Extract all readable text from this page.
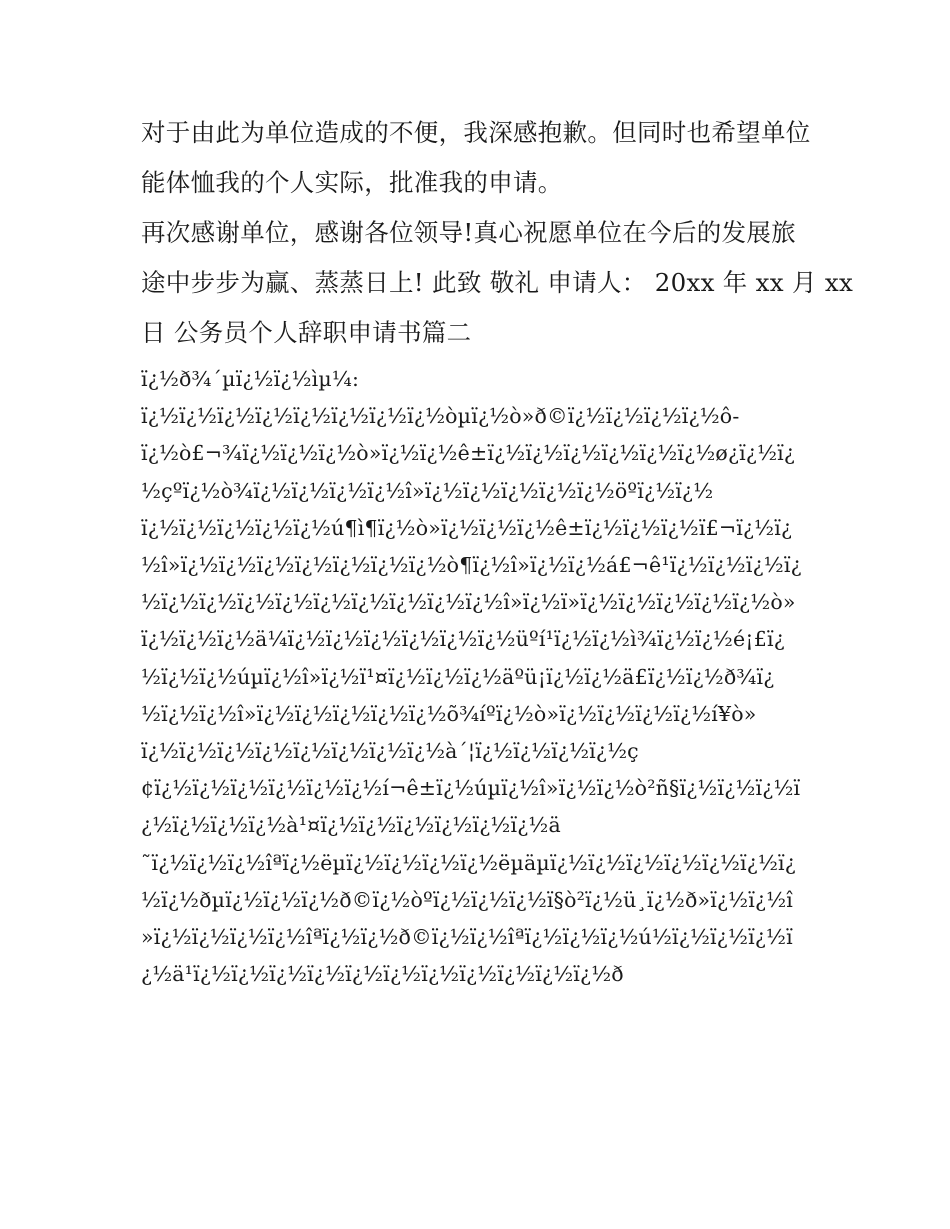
对于由此为单位造成的不便，我深感抱歉。但同时也希望单位

能体恤我的个人实际，批准我的申请。

再次感谢单位，感谢各位领导!真心祝愿单位在今后的发展旅

途中步步为赢、蒸蒸日上! 此致 敬礼 申请人： 20xx 年 xx 月 xx

日 公务员个人辞职申请书篇二

ï¿½ð¾´µï¿½ï¿½ìµ¼:

ï¿½ï¿½ï¿½ï¿½ï¿½ï¿½ï¿½ï¿½òµï¿½ò»ð©ï¿½ï¿½ï¿½ï¿½ô-

ï¿½ò£¬¾ï¿½ï¿½ï¿½ò»ï¿½ï¿½ê±ï¿½ï¿½ï¿½ï¿½ï¿½ï¿½ø¿ï¿½ï¿

½çºï¿½ò¾ï¿½ï¿½ï¿½ï¿½î»ï¿½ï¿½ï¿½ï¿½ï¿½öºï¿½ï¿½

ï¿½ï¿½ï¿½ï¿½ï¿½ú¶ì¶ï¿½ò»ï¿½ï¿½ï¿½ê±ï¿½ï¿½ï¿½ï£¬ï¿½ï¿

½î»ï¿½ï¿½ï¿½ï¿½ï¿½ï¿½ï¿½ò¶ï¿½î»ï¿½ï¿½á£¬ê¹ï¿½ï¿½ï¿½ï¿

½ï¿½ï¿½ï¿½ï¿½ï¿½ï¿½ï¿½ï¿½ï¿½î»ï¿½ï»ï¿½ï¿½ï¿½ï¿½ï¿½ò»

ï¿½ï¿½ï¿½ä¼ï¿½ï¿½ï¿½ï¿½ï¿½ï¿½üºí¹ï¿½ï¿½ì¾ï¿½ï¿½é¡£ï¿

½ï¿½ï¿½úµï¿½î»ï¿½ï¹¤ï¿½ï¿½ï¿½äºü¡ï¿½ï¿½ä£ï¿½ï¿½ð¾ï¿

½ï¿½ï¿½î»ï¿½ï¿½ï¿½ï¿½ï¿½õ¾íºï¿½ò»ï¿½ï¿½ï¿½ï¿½í¥ò»

ï¿½ï¿½ï¿½ï¿½ï¿½ï¿½ï¿½ï¿½à´¦ï¿½ï¿½ï¿½ï¿½ç

¢ï¿½ï¿½ï¿½ï¿½ï¿½ï¿½í¬ê±ï¿½úµï¿½î»ï¿½ï¿½ò²ñ§ï¿½ï¿½ï¿½ï

¿½ï¿½ï¿½ï¿½à¹¤ï¿½ï¿½ï¿½ï¿½ï¿½ï¿½ä

˜ï¿½ï¿½ï¿½îªï¿½ëµï¿½ï¿½ï¿½ï¿½ëµäµï¿½ï¿½ï¿½ï¿½ï¿½ï¿½ï¿

½ï¿½ðµï¿½ï¿½ï¿½ð©ï¿½òºï¿½ï¿½ï¿½ï§ò²ï¿½ü¸ï¿½ð»ï¿½ï¿½î

»ï¿½ï¿½ï¿½ï¿½îªï¿½ï¿½ð©ï¿½ï¿½îªï¿½ï¿½ï¿½ú½ï¿½ï¿½ï¿½ï

¿½ä¹ï¿½ï¿½ï¿½ï¿½ï¿½ï¿½ï¿½ï¿½ï¿½ï¿½ï¿½ð
